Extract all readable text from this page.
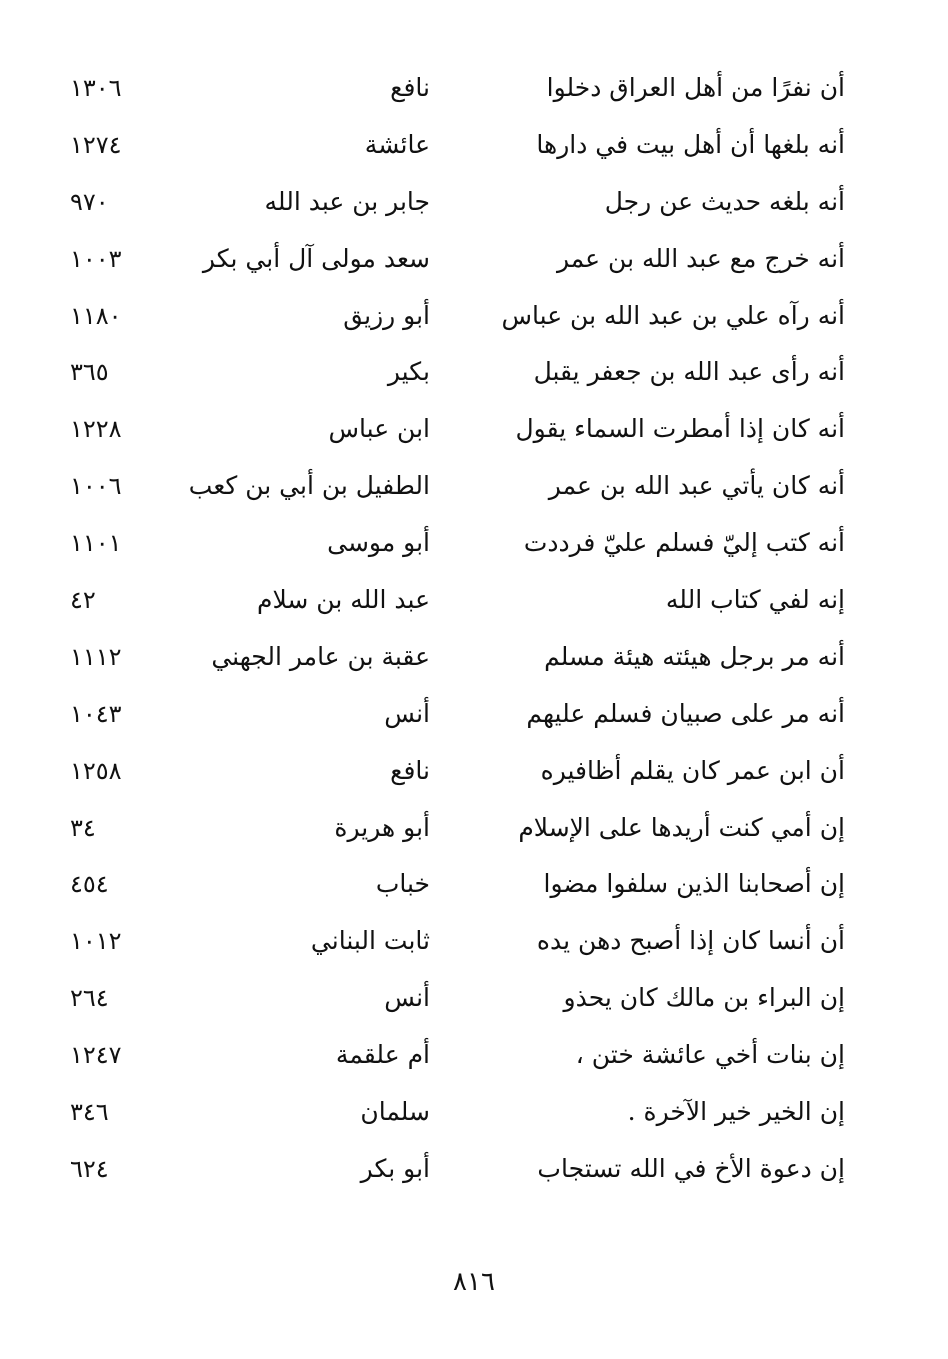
أن نفرًا من أهل العراق دخلوا
نافع
١٣٠٦
أنه بلغها أن أهل بيت في دارها
عائشة
١٢٧٤
أنه بلغه حديث عن رجل
جابر بن عبد الله
٩٧٠
أنه خرج مع عبد الله بن عمر
سعد مولى آل أبي بكر
١٠٠٣
أنه رآه علي بن عبد الله بن عباس
أبو رزيق
١١٨٠
أنه رأى عبد الله بن جعفر يقبل
بكير
٣٦٥
أنه كان إذا أمطرت السماء يقول
ابن عباس
١٢٢٨
أنه كان يأتي عبد الله بن عمر
الطفيل بن أبي بن كعب
١٠٠٦
أنه كتب إليّ فسلم عليّ فرددت
أبو موسى
١١٠١
إنه لفي كتاب الله
عبد الله بن سلام
٤٢
أنه مر برجل هيئته هيئة مسلم
عقبة بن عامر الجهني
١١١٢
أنه مر على صبيان فسلم عليهم
أنس
١٠٤٣
أن ابن عمر كان يقلم أظافيره
نافع
١٢٥٨
إن أمي كنت أريدها على الإسلام
أبو هريرة
٣٤
إن أصحابنا الذين سلفوا مضوا
خباب
٤٥٤
أن أنسا كان إذا أصبح دهن يده
ثابت البناني
١٠١٢
إن البراء بن مالك كان يحذو
أنس
٢٦٤
إن بنات أخي عائشة ختن ،
أم علقمة
١٢٤٧
إن الخير خير الآخرة .
سلمان
٣٤٦
إن دعوة الأخ في الله تستجاب
أبو بكر
٦٢٤
٨١٦
